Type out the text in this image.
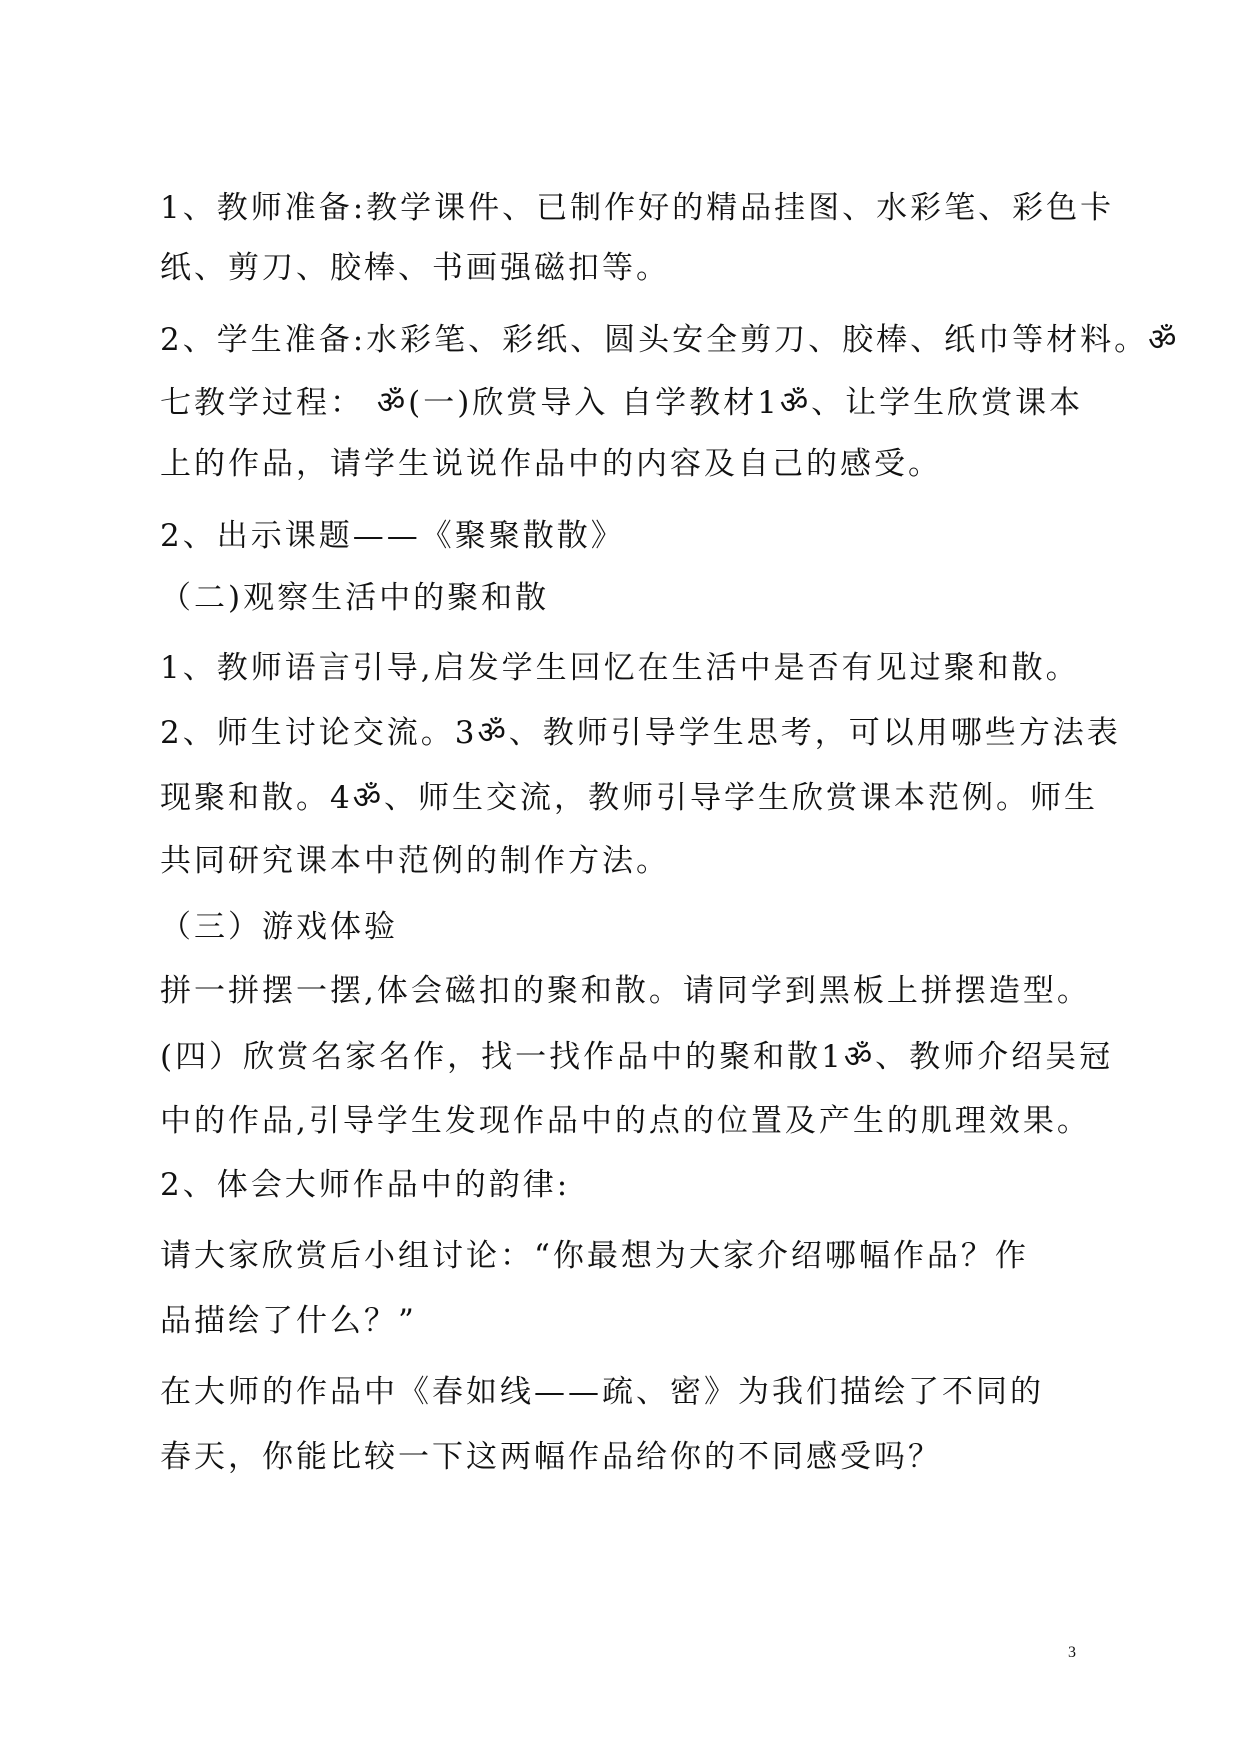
1、教师准备:教学课件、已制作好的精品挂图、水彩笔、彩色卡
纸、剪刀、胶棒、书画强磁扣等。
2、学生准备:水彩笔、彩纸、圆头安全剪刀、胶棒、纸巾等材料。ॐ
七教学过程： ॐ(一)欣赏导入 自学教材1ॐ、让学生欣赏课本
上的作品，请学生说说作品中的内容及自己的感受。
2、出示课题——《聚聚散散》
（二)观察生活中的聚和散
1、教师语言引导,启发学生回忆在生活中是否有见过聚和散。
2、师生讨论交流。3ॐ、教师引导学生思考，可以用哪些方法表
现聚和散。4ॐ、师生交流，教师引导学生欣赏课本范例。师生
共同研究课本中范例的制作方法。
（三）游戏体验
拼一拼摆一摆,体会磁扣的聚和散。请同学到黑板上拼摆造型。
(四）欣赏名家名作，找一找作品中的聚和散1ॐ、教师介绍吴冠
中的作品,引导学生发现作品中的点的位置及产生的肌理效果。
2、体会大师作品中的韵律:
请大家欣赏后小组讨论：“你最想为大家介绍哪幅作品？作
品描绘了什么？”
在大师的作品中《春如线——疏、密》为我们描绘了不同的
春天，你能比较一下这两幅作品给你的不同感受吗？
3
